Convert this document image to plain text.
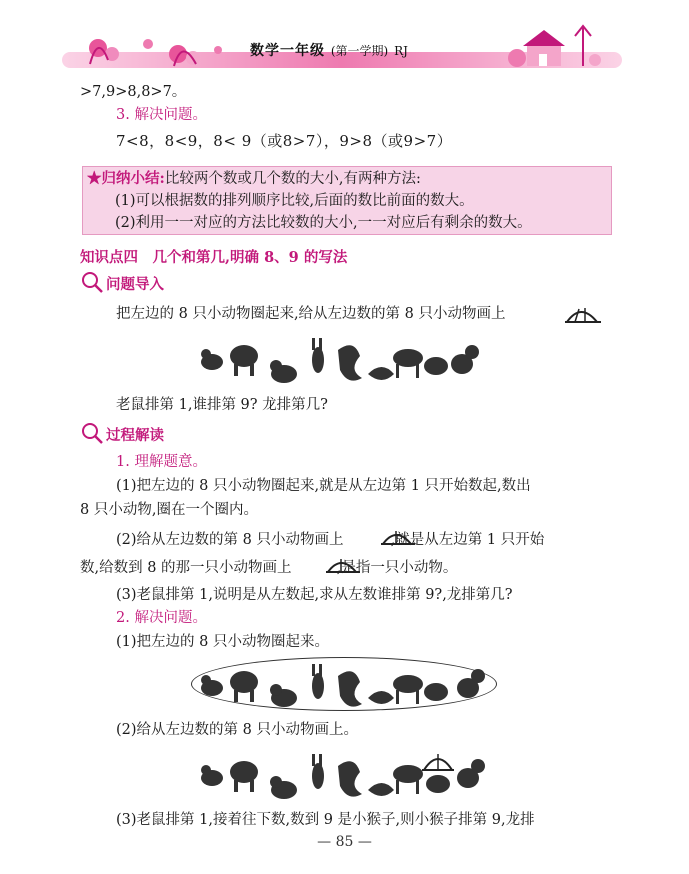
数学一年级 (第一学期) RJ
>7,9>8,8>7。
3. 解决问题。
7<8，8<9，8< 9（或8>7），9>8（或9>7）
★归纳小结:比较两个数或几个数的大小,有两种方法:
(1)可以根据数的排列顺序比较,后面的数比前面的数大。
(2)利用一一对应的方法比较数的大小,一一对应后有剩余的数大。
知识点四　几个和第几,明确 8、9 的写法
问题导入
把左边的 8 只小动物圈起来,给从左边数的第 8 只小动物画上
老鼠排第 1,谁排第 9? 龙排第几?
过程解读
1. 理解题意。
(1)把左边的 8 只小动物圈起来,就是从左边第 1 只开始数起,数出
8 只小动物,圈在一个圈内。
(2)给从左边数的第 8 只小动物画上	,就是从左边第 1 只开始
数,给数到 8 的那一只小动物画上	,是指一只小动物。
(3)老鼠排第 1,说明是从左数起,求从左数谁排第 9?,龙排第几?
2. 解决问题。
(1)把左边的 8 只小动物圈起来。
(2)给从左边数的第 8 只小动物画上。
(3)老鼠排第 1,接着往下数,数到 9 是小猴子,则小猴子排第 9,龙排
— 85 —
